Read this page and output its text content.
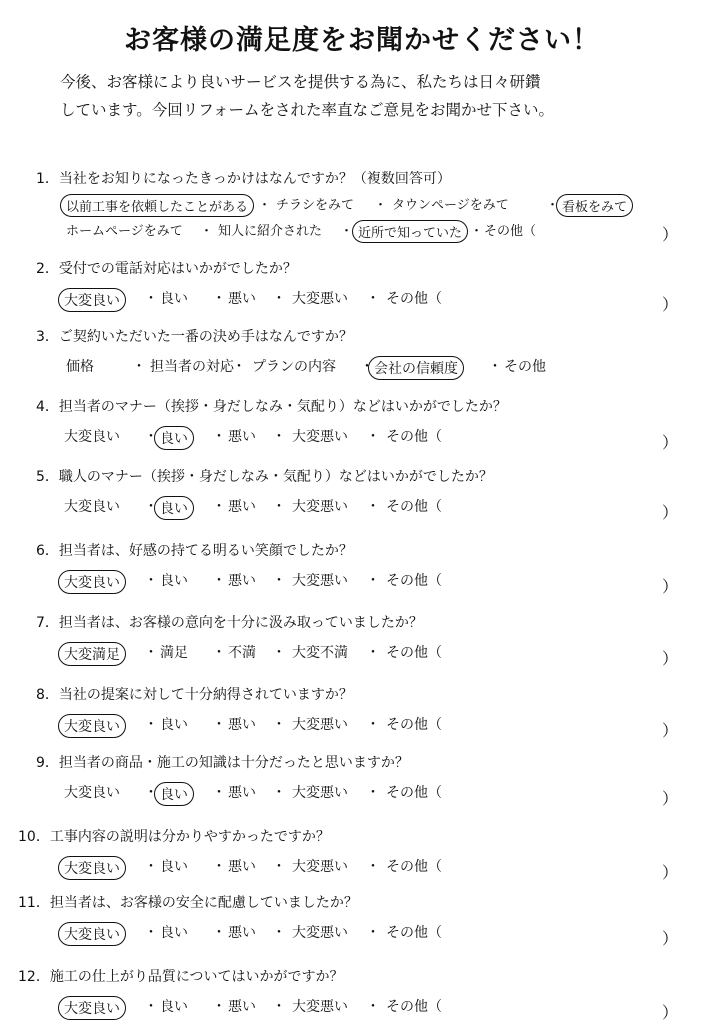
お客様の満足度をお聞かせください！
今後、お客様により良いサービスを提供する為に、私たちは日々研鑽
しています。今回リフォームをされた率直なご意見をお聞かせ下さい。
1．当社をお知りになったきっかけはなんですか？（複数回答可）
以前工事を依頼したことがある	チラシをみて	タウンページをみて	看板をみて
・	・	・
ホームページをみて	知人に紹介された	近所で知っていた	その他（
・	・	・	）
2．受付での電話対応はいかがでしたか？
大変良い	良い	悪い	大変悪い	その他（
・	・	・	・	）
3．ご契約いただいた一番の決め手はなんですか？
価格	担当者の対応 プランの内容	会社の信頼度	その他
・	・	・	・
4．担当者のマナー（挨拶・身だしなみ・気配り）などはいかがでしたか？
大変良い	良い	悪い	大変悪い	その他（
・	・	・	・	）
5．職人のマナー（挨拶・身だしなみ・気配り）などはいかがでしたか？
大変良い	良い	悪い	大変悪い	その他（
・	・	・	・	）
6．担当者は、好感の持てる明るい笑顔でしたか？
大変良い	良い	悪い	大変悪い	その他（
・	・	・	・	）
7．担当者は、お客様の意向を十分に汲み取っていましたか？
大変満足	満足	不満	大変不満	その他（
・	・	・	・	）
8．当社の提案に対して十分納得されていますか？
大変良い	良い	悪い	大変悪い	その他（
・	・	・	・	）
9．担当者の商品・施工の知識は十分だったと思いますか？
大変良い	良い	悪い	大変悪い	その他（
・	・	・	・	）
10．工事内容の説明は分かりやすかったですか？
大変良い	良い	悪い	大変悪い	その他（
・	・	・	・	）
11．担当者は、お客様の安全に配慮していましたか？
大変良い	良い	悪い	大変悪い	その他（
・	・	・	・	）
12．施工の仕上がり品質についてはいかがですか？
大変良い	良い	悪い	大変悪い	その他（
・	・	・	・	）
